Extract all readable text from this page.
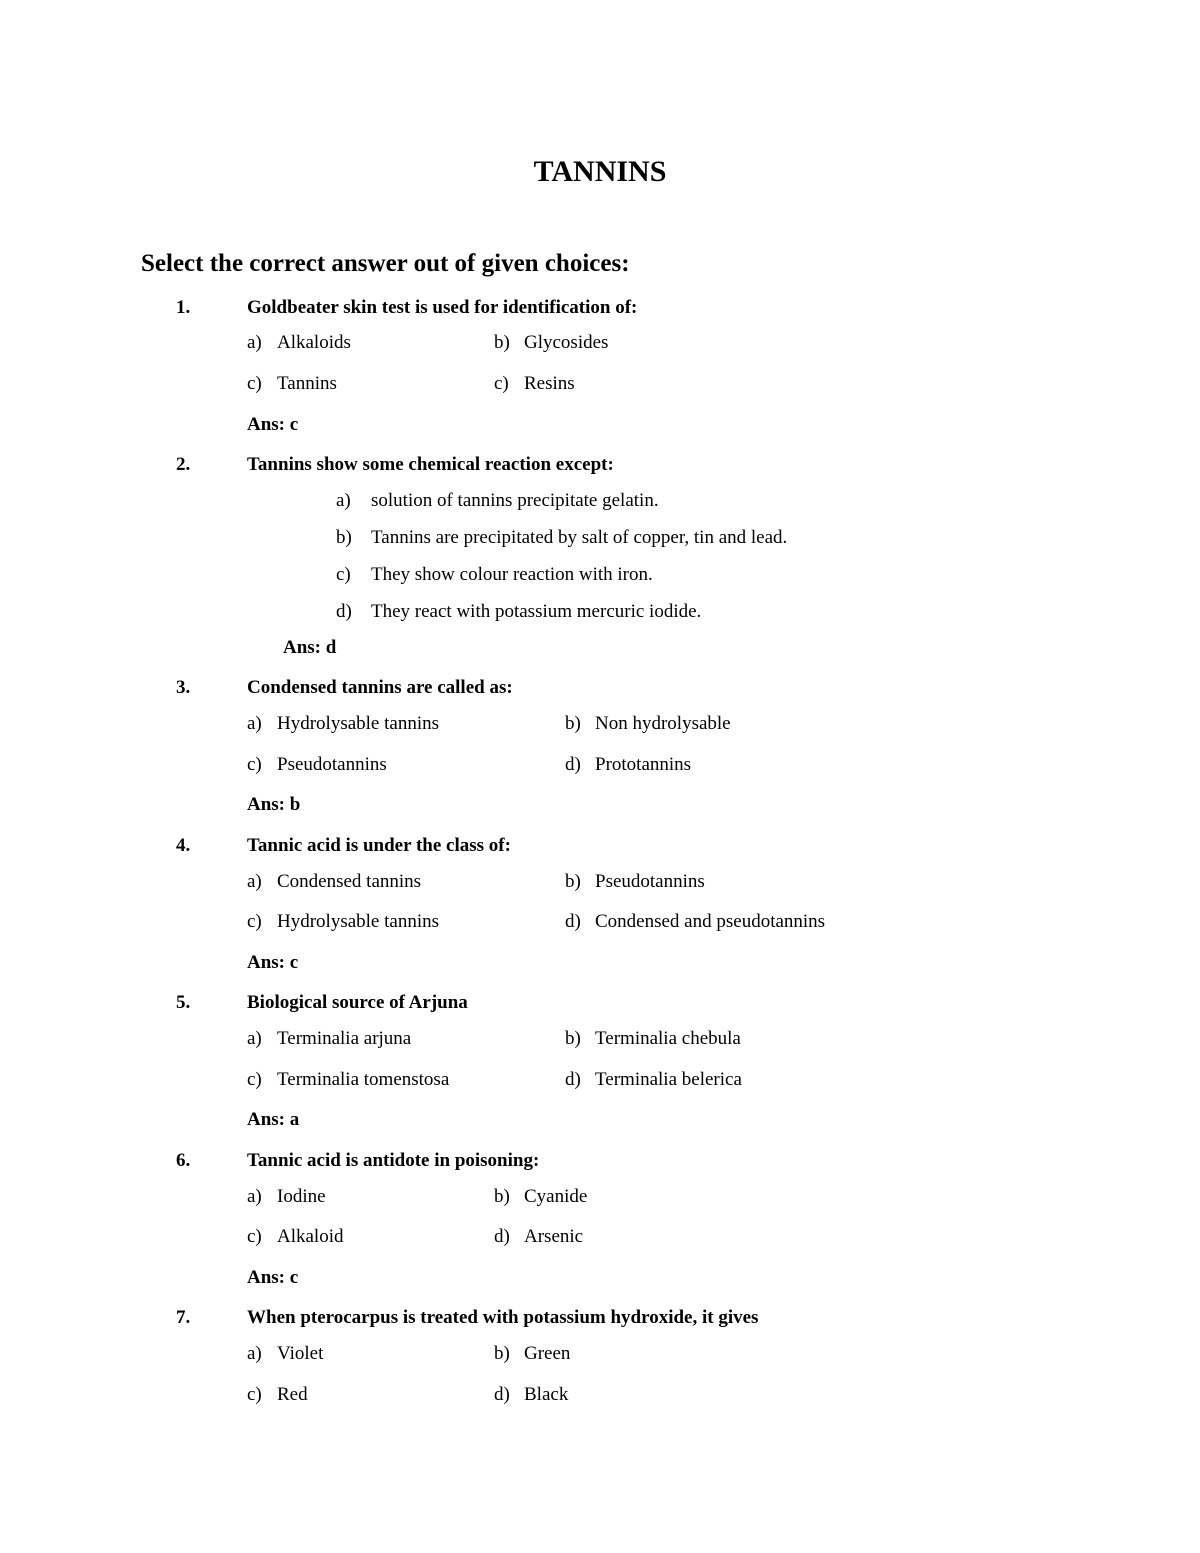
TANNINS
Select the correct answer out of given choices:
1.	Goldbeater skin test is used for identification of:
a) Alkaloids	b) Glycosides
c) Tannins	c) Resins
Ans: c
2.	Tannins show some chemical reaction except:
a) solution of tannins precipitate gelatin.
b) Tannins are precipitated by salt of copper, tin and lead.
c) They show colour reaction with iron.
d) They react with potassium mercuric iodide.
Ans: d
3.	Condensed tannins are called as:
a) Hydrolysable tannins	b) Non hydrolysable
c) Pseudotannins	d) Prototannins
Ans: b
4.	Tannic acid is under the class of:
a) Condensed tannins	b) Pseudotannins
c) Hydrolysable tannins	d) Condensed and pseudotannins
Ans: c
5.	Biological source of Arjuna
a) Terminalia arjuna	b) Terminalia chebula
c) Terminalia tomenstosa	d) Terminalia belerica
Ans: a
6.	Tannic acid is antidote in poisoning:
a) Iodine	b) Cyanide
c) Alkaloid	d) Arsenic
Ans: c
7.	When pterocarpus is treated with potassium hydroxide, it gives
a) Violet	b) Green
c) Red	d) Black
